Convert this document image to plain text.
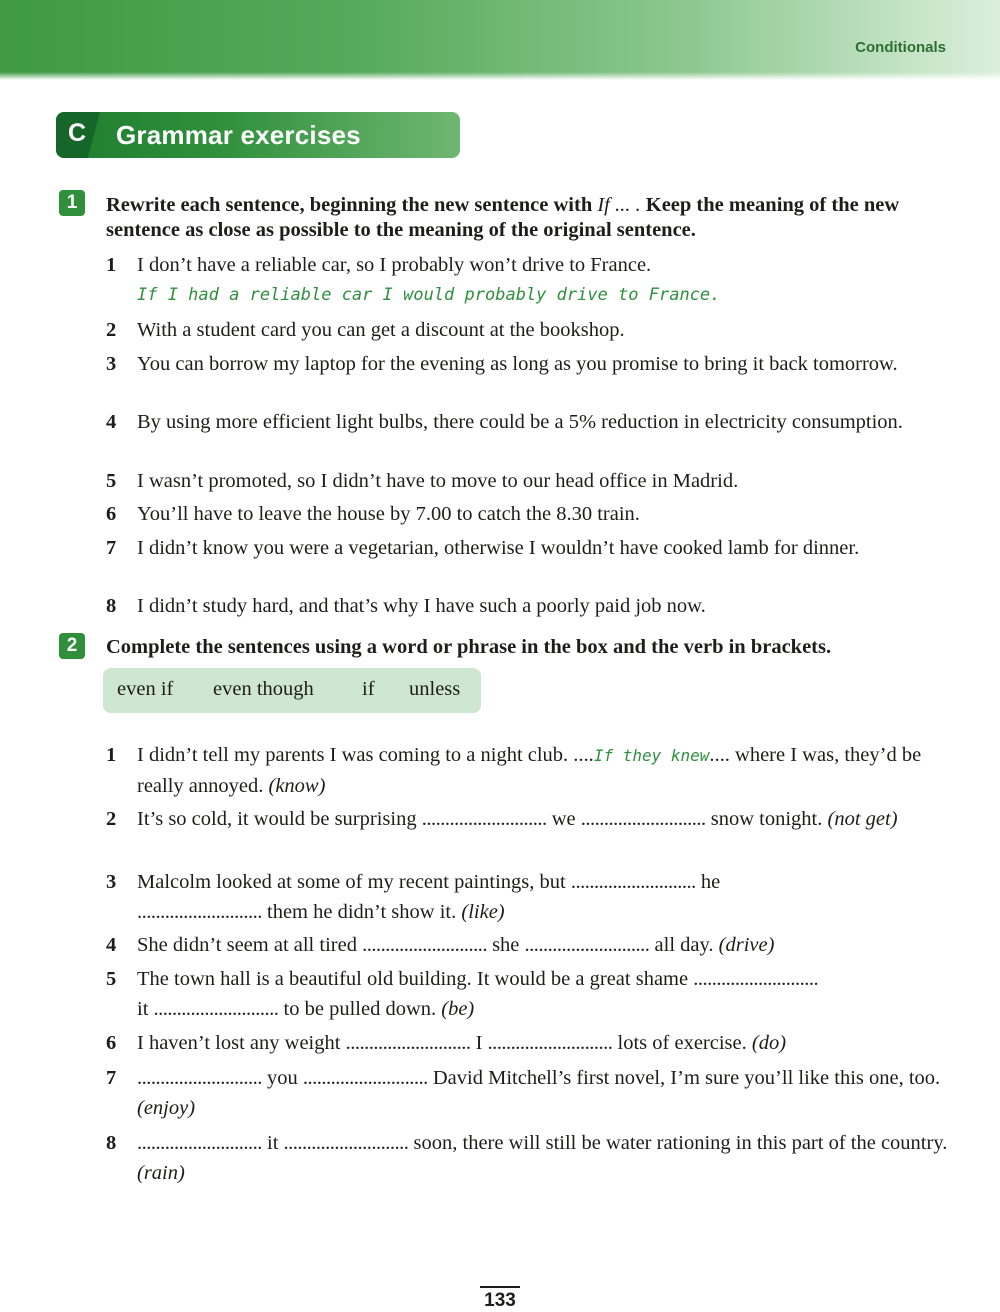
Conditionals
C Grammar exercises
1	Rewrite each sentence, beginning the new sentence with If ... . Keep the meaning of the new sentence as close as possible to the meaning of the original sentence.
1	I don’t have a reliable car, so I probably won’t drive to France.
If I had a reliable car I would probably drive to France.
2	With a student card you can get a discount at the bookshop.
3	You can borrow my laptop for the evening as long as you promise to bring it back tomorrow.
4	By using more efficient light bulbs, there could be a 5% reduction in electricity consumption.
5	I wasn’t promoted, so I didn’t have to move to our head office in Madrid.
6	You’ll have to leave the house by 7.00 to catch the 8.30 train.
7	I didn’t know you were a vegetarian, otherwise I wouldn’t have cooked lamb for dinner.
8	I didn’t study hard, and that’s why I have such a poorly paid job now.
2	Complete the sentences using a word or phrase in the box and the verb in brackets.
even if even though if unless
1	I didn’t tell my parents I was coming to a night club. ....If they knew.... where I was, they’d be really annoyed. (know)
2	It’s so cold, it would be surprising ........................... we ........................... snow tonight. (not get)
3	Malcolm looked at some of my recent paintings, but ........................... he
........................... them he didn’t show it. (like)
4	She didn’t seem at all tired ........................... she ........................... all day. (drive)
5	The town hall is a beautiful old building. It would be a great shame ...........................
it ........................... to be pulled down. (be)
6	I haven’t lost any weight ........................... I ........................... lots of exercise. (do)
7	........................... you ........................... David Mitchell’s first novel, I’m sure you’ll like this one, too. (enjoy)
8	........................... it ........................... soon, there will still be water rationing in this part of the country. (rain)
133
